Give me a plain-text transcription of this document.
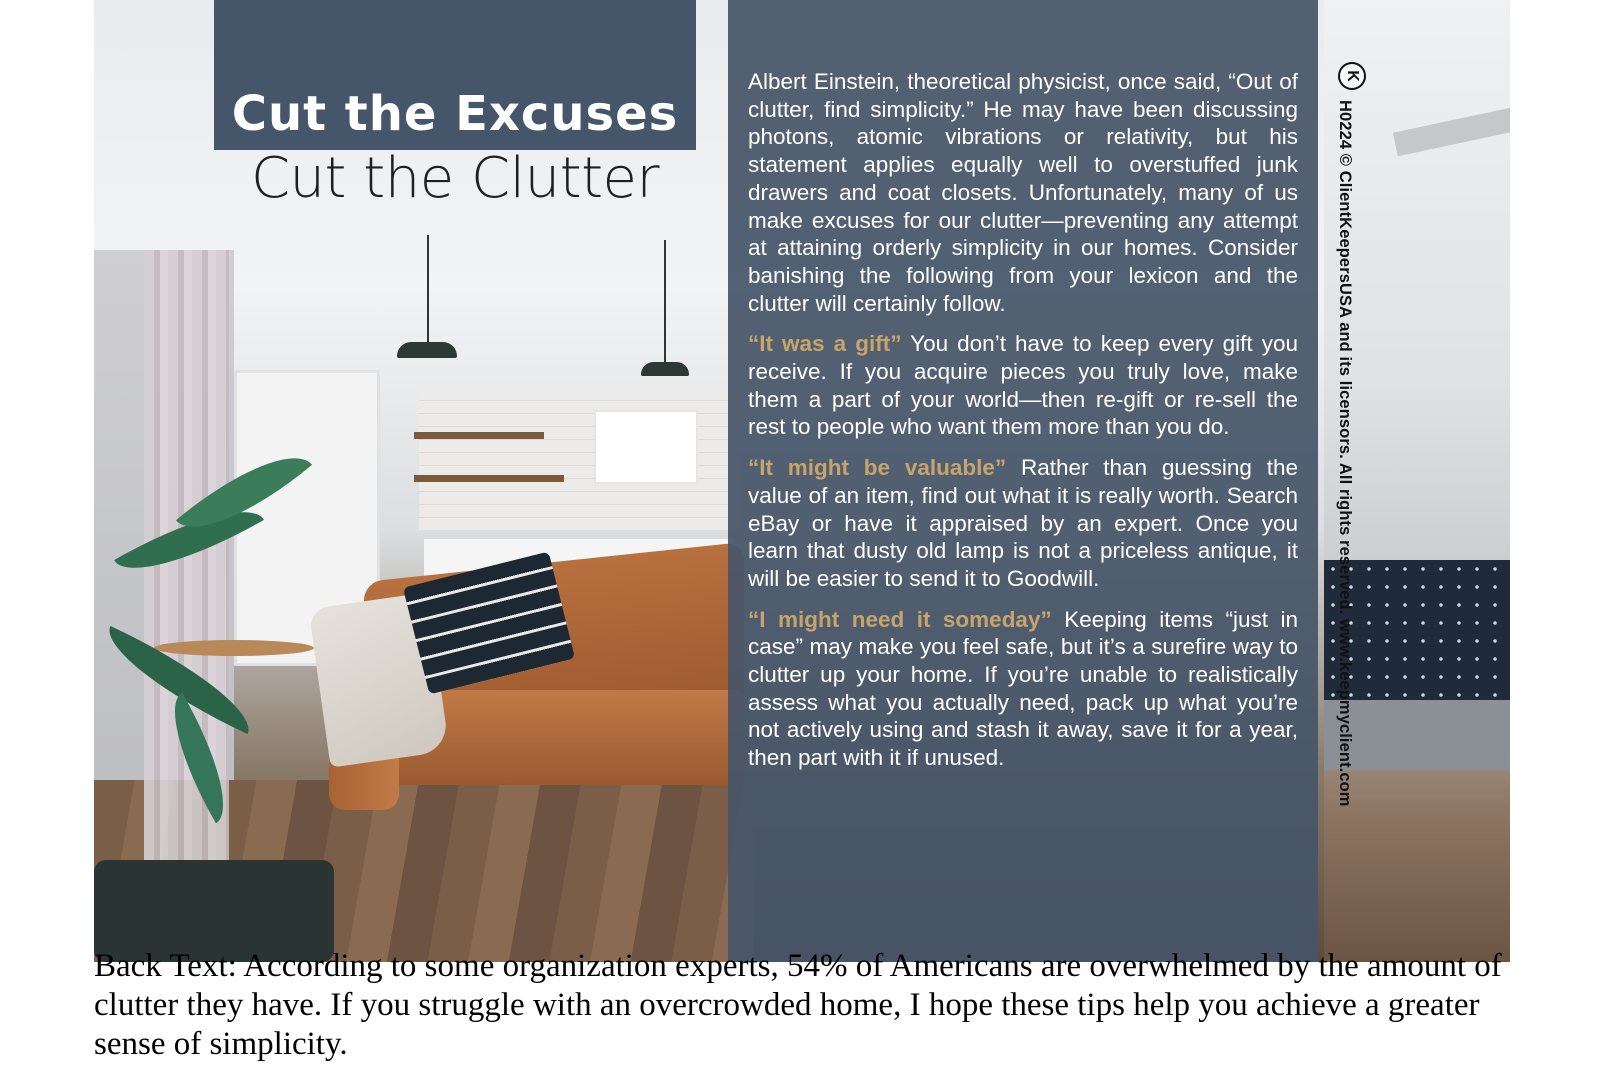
Cut the Excuses
Cut the Clutter

Albert Einstein, theoretical physicist, once said, “Out of clutter, find simplicity.” He may have been discussing photons, atomic vibrations or relativity, but his statement applies equally well to overstuffed junk drawers and coat closets. Unfortunately, many of us make excuses for our clutter—preventing any attempt at attaining orderly simplicity in our homes. Consider banishing the following from your lexicon and the clutter will certainly follow.

“It was a gift” You don’t have to keep every gift you receive. If you acquire pieces you truly love, make them a part of your world—then re-gift or re-sell the rest to people who want them more than you do.

“It might be valuable” Rather than guessing the value of an item, find out what it is really worth. Search eBay or have it appraised by an expert. Once you learn that dusty old lamp is not a priceless antique, it will be easier to send it to Goodwill.

“I might need it someday” Keeping items “just in case” may make you feel safe, but it’s a surefire way to clutter up your home. If you’re unable to realistically assess what you actually need, pack up what you’re not actively using and stash it away, save it for a year, then part with it if unused.

K
H0224 © ClientKeepersUSA and its licensors. All rights reserved. www.keepmyclient.com
Back Text: According to some organization experts, 54% of Americans are overwhelmed by the amount of clutter they have. If you struggle with an overcrowded home, I hope these tips help you achieve a greater sense of simplicity.
